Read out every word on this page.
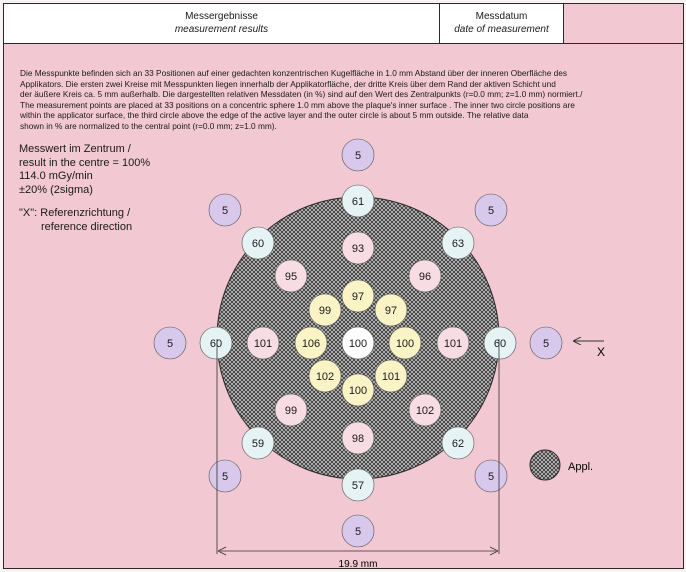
Messergebnisse
measurement results
Messdatum
date of measurement
Die Messpunkte befinden sich an 33 Positionen auf einer gedachten konzentrischen Kugelfläche in 1.0 mm Abstand über der inneren Oberfläche des
Applikators. Die ersten zwei Kreise mit Messpunkten liegen innerhalb der Applikatorfläche, der dritte Kreis über dem Rand der aktiven Schicht und
der äußere Kreis ca. 5 mm außerhalb. Die dargestellten relativen Messdaten (in %) sind auf den Wert des Zentralpunkts (r=0.0 mm; z=1.0 mm) normiert./
The measurement points are placed at 33 positions on a concentric sphere 1.0 mm above the plaque's inner surface . The inner two circle positions are
within the applicator surface, the third circle above the edge of the active layer and the outer circle is about 5 mm outside. The relative data
shown in % are normalized to the central point (r=0.0 mm; z=1.0 mm).
Messwert im Zentrum /
result in the centre = 100%
114.0 mGy/min
±20% (2sigma)
"X": Referenzrichtung /
reference direction
100	100
97
97
99
106
102
100
101
101
96
93
95
101
99
98
102
60
63
61
60
60
59
57
62
5
5
5
5
5
5
5
5
X
Appl.
19.9 mm
